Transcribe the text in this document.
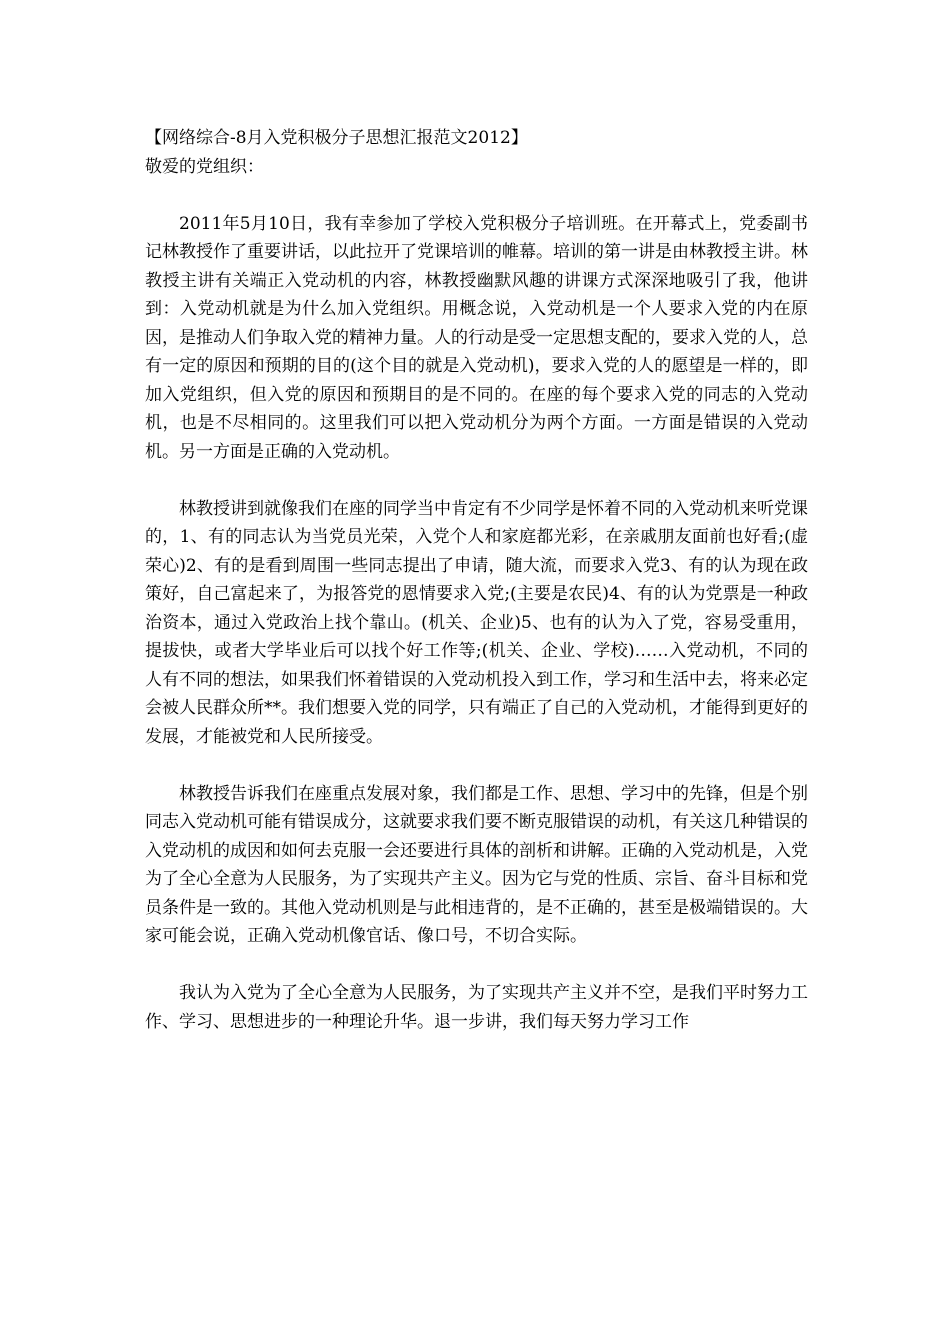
【网络综合-8月入党积极分子思想汇报范文2012】

敬爱的党组织：

2011年5月10日，我有幸参加了学校入党积极分子培训班。在开幕式上，党委副书记林教授作了重要讲话，以此拉开了党课培训的帷幕。培训的第一讲是由林教授主讲。林教授主讲有关端正入党动机的内容，林教授幽默风趣的讲课方式深深地吸引了我，他讲到：入党动机就是为什么加入党组织。用概念说，入党动机是一个人要求入党的内在原因，是推动人们争取入党的精神力量。人的行动是受一定思想支配的，要求入党的人，总有一定的原因和预期的目的(这个目的就是入党动机)，要求入党的人的愿望是一样的，即加入党组织，但入党的原因和预期目的是不同的。在座的每个要求入党的同志的入党动机，也是不尽相同的。这里我们可以把入党动机分为两个方面。一方面是错误的入党动机。另一方面是正确的入党动机。

林教授讲到就像我们在座的同学当中肯定有不少同学是怀着不同的入党动机来听党课的，1、有的同志认为当党员光荣，入党个人和家庭都光彩，在亲戚朋友面前也好看;(虚荣心)2、有的是看到周围一些同志提出了申请，随大流，而要求入党3、有的认为现在政策好，自己富起来了，为报答党的恩情要求入党;(主要是农民)4、有的认为党票是一种政治资本，通过入党政治上找个靠山。(机关、企业)5、也有的认为入了党，容易受重用，提拔快，或者大学毕业后可以找个好工作等;(机关、企业、学校)……入党动机，不同的人有不同的想法，如果我们怀着错误的入党动机投入到工作，学习和生活中去，将来必定会被人民群众所**。我们想要入党的同学，只有端正了自己的入党动机，才能得到更好的发展，才能被党和人民所接受。

林教授告诉我们在座重点发展对象，我们都是工作、思想、学习中的先锋，但是个别同志入党动机可能有错误成分，这就要求我们要不断克服错误的动机，有关这几种错误的入党动机的成因和如何去克服一会还要进行具体的剖析和讲解。正确的入党动机是，入党为了全心全意为人民服务，为了实现共产主义。因为它与党的性质、宗旨、奋斗目标和党员条件是一致的。其他入党动机则是与此相违背的，是不正确的，甚至是极端错误的。大家可能会说，正确入党动机像官话、像口号，不切合实际。

我认为入党为了全心全意为人民服务，为了实现共产主义并不空，是我们平时努力工作、学习、思想进步的一种理论升华。退一步讲，我们每天努力学习工作
